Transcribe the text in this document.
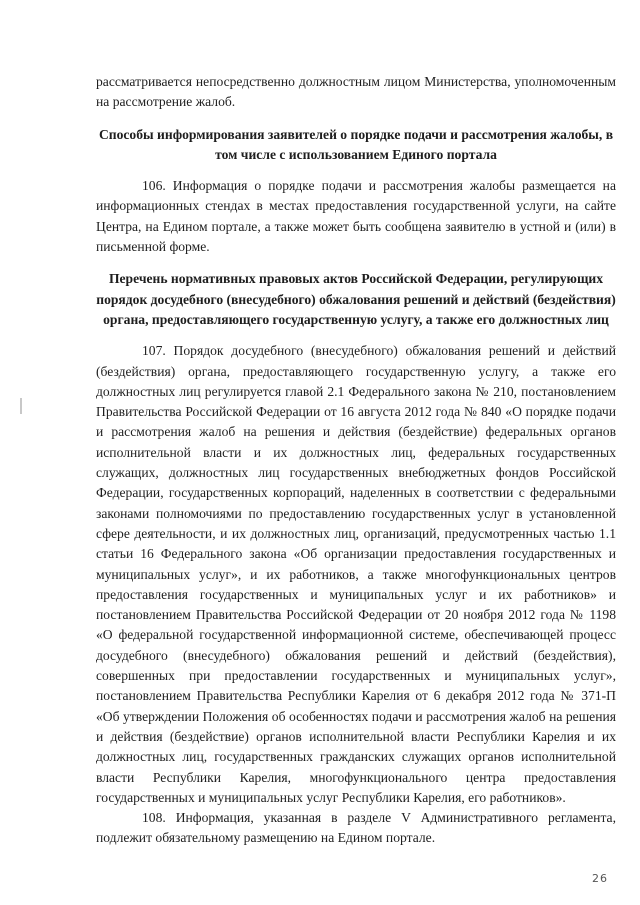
рассматривается непосредственно должностным лицом Министерства, уполномоченным на рассмотрение жалоб.

Способы информирования заявителей о порядке подачи и рассмотрения жалобы, в том числе с использованием Единого портала

106. Информация о порядке подачи и рассмотрения жалобы размещается на информационных стендах в местах предоставления государственной услуги, на сайте Центра, на Едином портале, а также может быть сообщена заявителю в устной и (или) в письменной форме.

Перечень нормативных правовых актов Российской Федерации, регулирующих порядок досудебного (внесудебного) обжалования решений и действий (бездействия) органа, предоставляющего государственную услугу, а также его должностных лиц

107. Порядок досудебного (внесудебного) обжалования решений и действий (бездействия) органа, предоставляющего государственную услугу, а также его должностных лиц регулируется главой 2.1 Федерального закона № 210, постановлением Правительства Российской Федерации от 16 августа 2012 года № 840 «О порядке подачи и рассмотрения жалоб на решения и действия (бездействие) федеральных органов исполнительной власти и их должностных лиц, федеральных государственных служащих, должностных лиц государственных внебюджетных фондов Российской Федерации, государственных корпораций, наделенных в соответствии с федеральными законами полномочиями по предоставлению государственных услуг в установленной сфере деятельности, и их должностных лиц, организаций, предусмотренных частью 1.1 статьи 16 Федерального закона «Об организации предоставления государственных и муниципальных услуг», и их работников, а также многофункциональных центров предоставления государственных и муниципальных услуг и их работников» и постановлением Правительства Российской Федерации от 20 ноября 2012 года № 1198 «О федеральной государственной информационной системе, обеспечивающей процесс досудебного (внесудебного) обжалования решений и действий (бездействия), совершенных при предоставлении государственных и муниципальных услуг», постановлением Правительства Республики Карелия от 6 декабря 2012 года № 371-П «Об утверждении Положения об особенностях подачи и рассмотрения жалоб на решения и действия (бездействие) органов исполнительной власти Республики Карелия и их должностных лиц, государственных гражданских служащих органов исполнительной власти Республики Карелия, многофункционального центра предоставления государственных и муниципальных услуг Республики Карелия, его работников».

108. Информация, указанная в разделе V Административного регламента, подлежит обязательному размещению на Едином портале.

26
